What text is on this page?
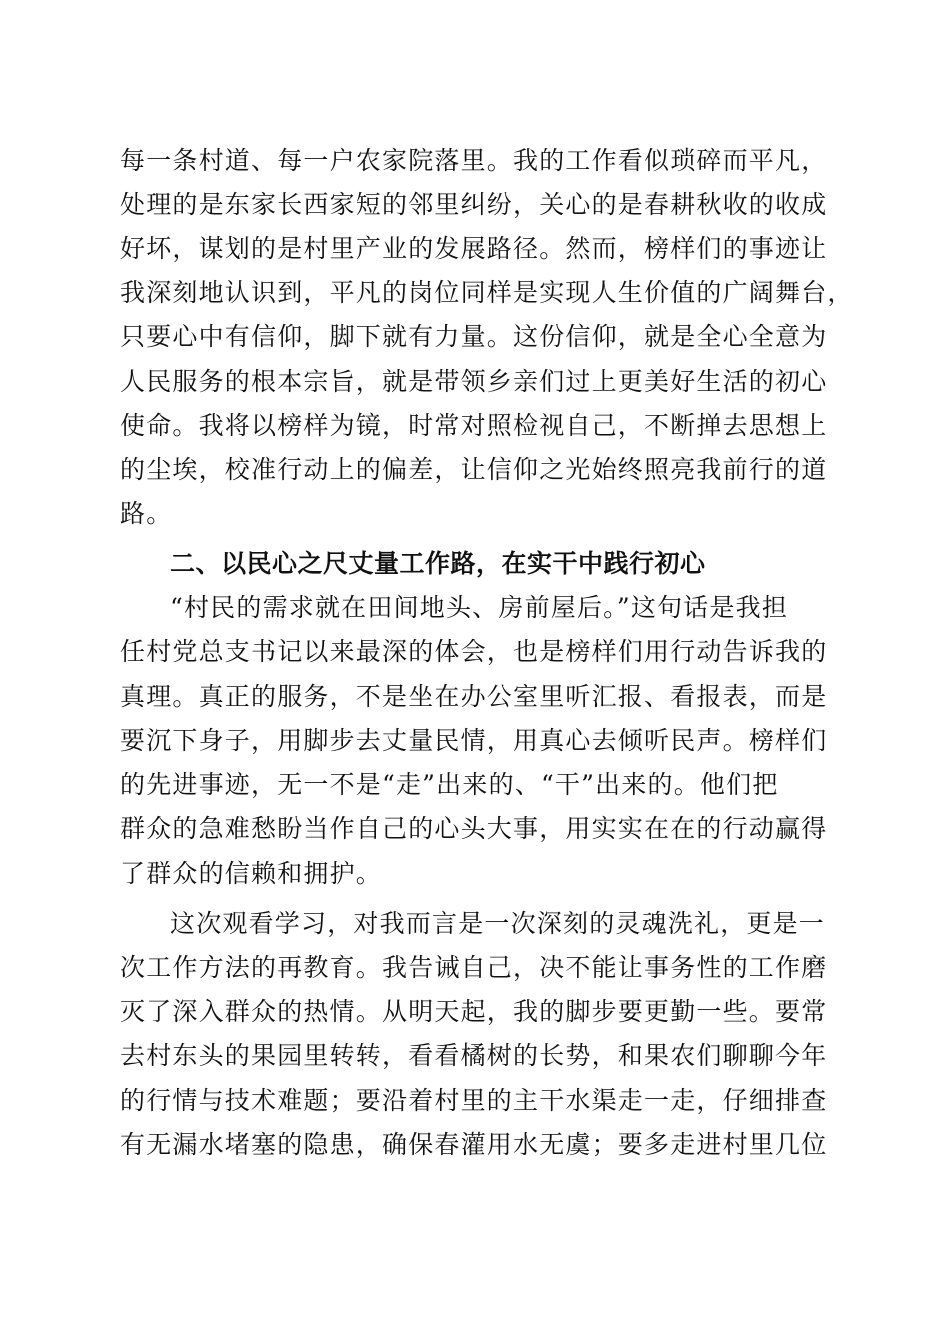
每一条村道、每一户农家院落里。我的工作看似琐碎而平凡，
处理的是东家长西家短的邻里纠纷，关心的是春耕秋收的收成
好坏，谋划的是村里产业的发展路径。然而，榜样们的事迹让
我深刻地认识到，平凡的岗位同样是实现人生价值的广阔舞台，
只要心中有信仰，脚下就有力量。这份信仰，就是全心全意为
人民服务的根本宗旨，就是带领乡亲们过上更美好生活的初心
使命。我将以榜样为镜，时常对照检视自己，不断掸去思想上
的尘埃，校准行动上的偏差，让信仰之光始终照亮我前行的道
路。
二、以民心之尺丈量工作路，在实干中践行初心
“村民的需求就在田间地头、房前屋后。”这句话是我担
任村党总支书记以来最深的体会，也是榜样们用行动告诉我的
真理。真正的服务，不是坐在办公室里听汇报、看报表，而是
要沉下身子，用脚步去丈量民情，用真心去倾听民声。榜样们
的先进事迹，无一不是“走”出来的、“干”出来的。他们把
群众的急难愁盼当作自己的心头大事，用实实在在的行动赢得
了群众的信赖和拥护。
这次观看学习，对我而言是一次深刻的灵魂洗礼，更是一
次工作方法的再教育。我告诫自己，决不能让事务性的工作磨
灭了深入群众的热情。从明天起，我的脚步要更勤一些。要常
去村东头的果园里转转，看看橘树的长势，和果农们聊聊今年
的行情与技术难题；要沿着村里的主干水渠走一走，仔细排查
有无漏水堵塞的隐患，确保春灌用水无虞；要多走进村里几位
